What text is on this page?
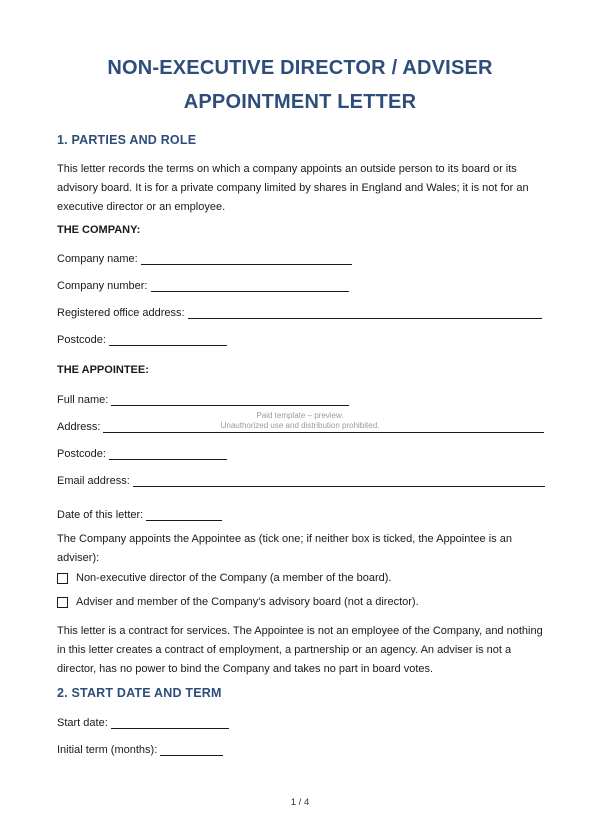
NON-EXECUTIVE DIRECTOR / ADVISER
APPOINTMENT LETTER
1. PARTIES AND ROLE
This letter records the terms on which a company appoints an outside person to its board or its advisory board. It is for a private company limited by shares in England and Wales; it is not for an executive director or an employee.
THE COMPANY:
Company name:
Company number:
Registered office address:
Postcode:
THE APPOINTEE:
Full name:
Address:
Postcode:
Email address:
Date of this letter:
The Company appoints the Appointee as (tick one; if neither box is ticked, the Appointee is an adviser):
Non-executive director of the Company (a member of the board).
Adviser and member of the Company's advisory board (not a director).
This letter is a contract for services. The Appointee is not an employee of the Company, and nothing in this letter creates a contract of employment, a partnership or an agency. An adviser is not a director, has no power to bind the Company and takes no part in board votes.
2. START DATE AND TERM
Start date:
Initial term (months):
Paid template – preview.
Unauthorized use and distribution prohibited.
1 / 4
